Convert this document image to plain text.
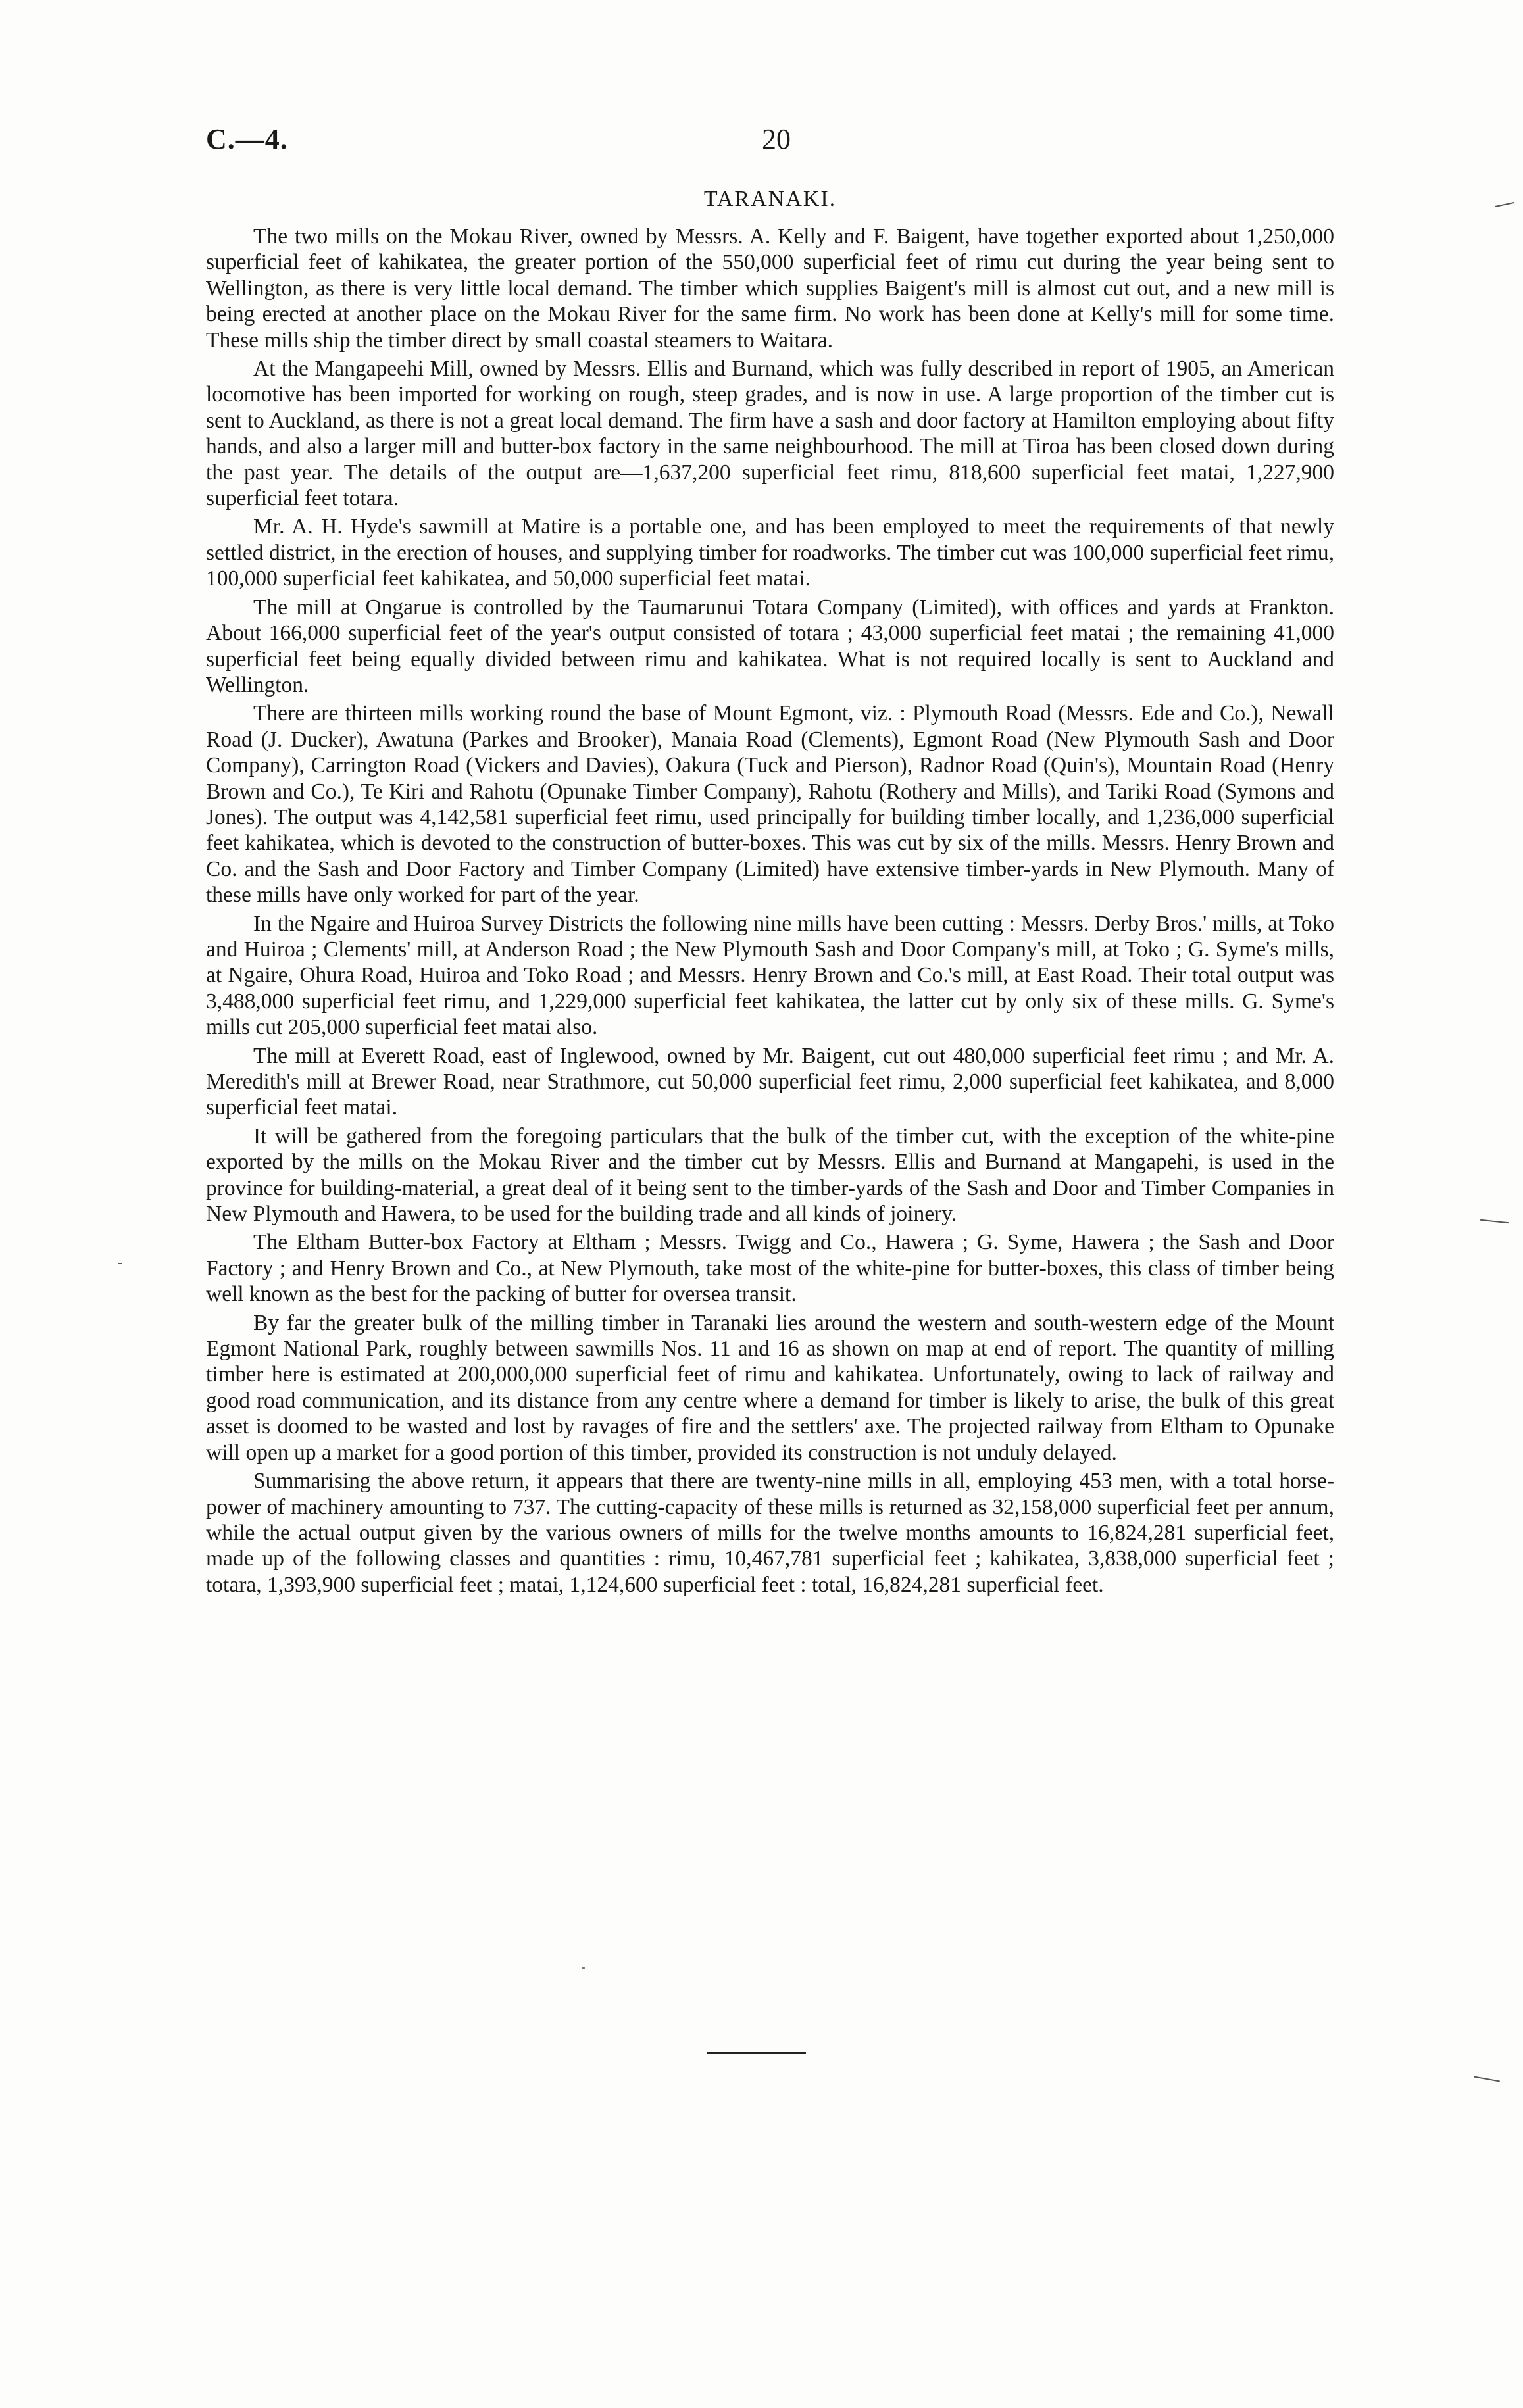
C.—4.	20
TARANAKI.

The two mills on the Mokau River, owned by Messrs. A. Kelly and F. Baigent, have together exported about 1,250,000 superficial feet of kahikatea, the greater portion of the 550,000 superficial feet of rimu cut during the year being sent to Wellington, as there is very little local demand. The timber which supplies Baigent's mill is almost cut out, and a new mill is being erected at another place on the Mokau River for the same firm. No work has been done at Kelly's mill for some time. These mills ship the timber direct by small coastal steamers to Waitara.

At the Mangapeehi Mill, owned by Messrs. Ellis and Burnand, which was fully described in report of 1905, an American locomotive has been imported for working on rough, steep grades, and is now in use. A large proportion of the timber cut is sent to Auckland, as there is not a great local demand. The firm have a sash and door factory at Hamilton employing about fifty hands, and also a larger mill and butter-box factory in the same neighbourhood. The mill at Tiroa has been closed down during the past year. The details of the output are—1,637,200 superficial feet rimu, 818,600 superficial feet matai, 1,227,900 superficial feet totara.

Mr. A. H. Hyde's sawmill at Matire is a portable one, and has been employed to meet the requirements of that newly settled district, in the erection of houses, and supplying timber for roadworks. The timber cut was 100,000 superficial feet rimu, 100,000 superficial feet kahikatea, and 50,000 superficial feet matai.

The mill at Ongarue is controlled by the Taumarunui Totara Company (Limited), with offices and yards at Frankton. About 166,000 superficial feet of the year's output consisted of totara ; 43,000 superficial feet matai ; the remaining 41,000 superficial feet being equally divided between rimu and kahikatea. What is not required locally is sent to Auckland and Wellington.

There are thirteen mills working round the base of Mount Egmont, viz. : Plymouth Road (Messrs. Ede and Co.), Newall Road (J. Ducker), Awatuna (Parkes and Brooker), Manaia Road (Clements), Egmont Road (New Plymouth Sash and Door Company), Carrington Road (Vickers and Davies), Oakura (Tuck and Pierson), Radnor Road (Quin's), Mountain Road (Henry Brown and Co.), Te Kiri and Rahotu (Opunake Timber Company), Rahotu (Rothery and Mills), and Tariki Road (Symons and Jones). The output was 4,142,581 superficial feet rimu, used principally for building timber locally, and 1,236,000 superficial feet kahikatea, which is devoted to the construction of butter-boxes. This was cut by six of the mills. Messrs. Henry Brown and Co. and the Sash and Door Factory and Timber Company (Limited) have extensive timber-yards in New Plymouth. Many of these mills have only worked for part of the year.

In the Ngaire and Huiroa Survey Districts the following nine mills have been cutting : Messrs. Derby Bros.' mills, at Toko and Huiroa ; Clements' mill, at Anderson Road ; the New Plymouth Sash and Door Company's mill, at Toko ; G. Syme's mills, at Ngaire, Ohura Road, Huiroa and Toko Road ; and Messrs. Henry Brown and Co.'s mill, at East Road. Their total output was 3,488,000 superficial feet rimu, and 1,229,000 superficial feet kahikatea, the latter cut by only six of these mills. G. Syme's mills cut 205,000 superficial feet matai also.

The mill at Everett Road, east of Inglewood, owned by Mr. Baigent, cut out 480,000 superficial feet rimu ; and Mr. A. Meredith's mill at Brewer Road, near Strathmore, cut 50,000 superficial feet rimu, 2,000 superficial feet kahikatea, and 8,000 superficial feet matai.

It will be gathered from the foregoing particulars that the bulk of the timber cut, with the exception of the white-pine exported by the mills on the Mokau River and the timber cut by Messrs. Ellis and Burnand at Mangapehi, is used in the province for building-material, a great deal of it being sent to the timber-yards of the Sash and Door and Timber Companies in New Plymouth and Hawera, to be used for the building trade and all kinds of joinery.

The Eltham Butter-box Factory at Eltham ; Messrs. Twigg and Co., Hawera ; G. Syme, Hawera ; the Sash and Door Factory ; and Henry Brown and Co., at New Plymouth, take most of the white-pine for butter-boxes, this class of timber being well known as the best for the packing of butter for oversea transit.

By far the greater bulk of the milling timber in Taranaki lies around the western and south-western edge of the Mount Egmont National Park, roughly between sawmills Nos. 11 and 16 as shown on map at end of report. The quantity of milling timber here is estimated at 200,000,000 superficial feet of rimu and kahikatea. Unfortunately, owing to lack of railway and good road communication, and its distance from any centre where a demand for timber is likely to arise, the bulk of this great asset is doomed to be wasted and lost by ravages of fire and the settlers' axe. The projected railway from Eltham to Opunake will open up a market for a good portion of this timber, provided its construction is not unduly delayed.

Summarising the above return, it appears that there are twenty-nine mills in all, employing 453 men, with a total horse-power of machinery amounting to 737. The cutting-capacity of these mills is returned as 32,158,000 superficial feet per annum, while the actual output given by the various owners of mills for the twelve months amounts to 16,824,281 superficial feet, made up of the following classes and quantities : rimu, 10,467,781 superficial feet ; kahikatea, 3,838,000 superficial feet ; totara, 1,393,900 superficial feet ; matai, 1,124,600 superficial feet : total, 16,824,281 superficial feet.
